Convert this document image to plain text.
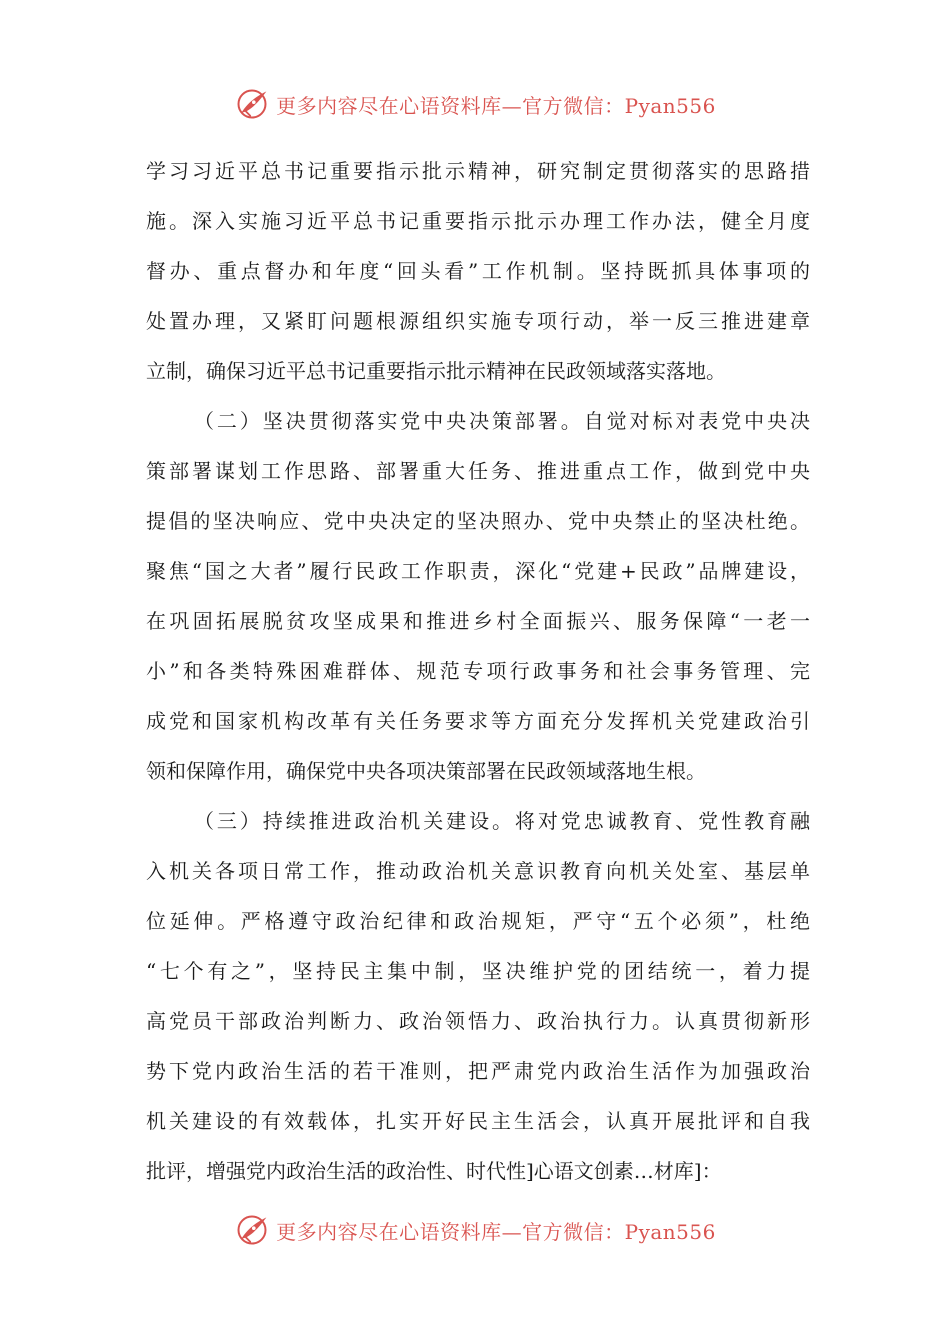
更多内容尽在心语资料库—官方微信：Pyan556
学习习近平总书记重要指示批示精神，研究制定贯彻落实的思路措
施。深入实施习近平总书记重要指示批示办理工作办法，健全月度
督办、重点督办和年度“回头看”工作机制。坚持既抓具体事项的
处置办理，又紧盯问题根源组织实施专项行动，举一反三推进建章
立制，确保习近平总书记重要指示批示精神在民政领域落实落地。
（二）坚决贯彻落实党中央决策部署。自觉对标对表党中央决
策部署谋划工作思路、部署重大任务、推进重点工作，做到党中央
提倡的坚决响应、党中央决定的坚决照办、党中央禁止的坚决杜绝。
聚焦“国之大者”履行民政工作职责，深化“党建+民政”品牌建设，
在巩固拓展脱贫攻坚成果和推进乡村全面振兴、服务保障“一老一
小”和各类特殊困难群体、规范专项行政事务和社会事务管理、完
成党和国家机构改革有关任务要求等方面充分发挥机关党建政治引
领和保障作用，确保党中央各项决策部署在民政领域落地生根。
（三）持续推进政治机关建设。将对党忠诚教育、党性教育融
入机关各项日常工作，推动政治机关意识教育向机关处室、基层单
位延伸。严格遵守政治纪律和政治规矩，严守“五个必须”，杜绝
“七个有之”，坚持民主集中制，坚决维护党的团结统一，着力提
高党员干部政治判断力、政治领悟力、政治执行力。认真贯彻新形
势下党内政治生活的若干准则，把严肃党内政治生活作为加强政治
机关建设的有效载体，扎实开好民主生活会，认真开展批评和自我
批评，增强党内政治生活的政治性、时代性]心语文创素…材库]：
更多内容尽在心语资料库—官方微信：Pyan556
